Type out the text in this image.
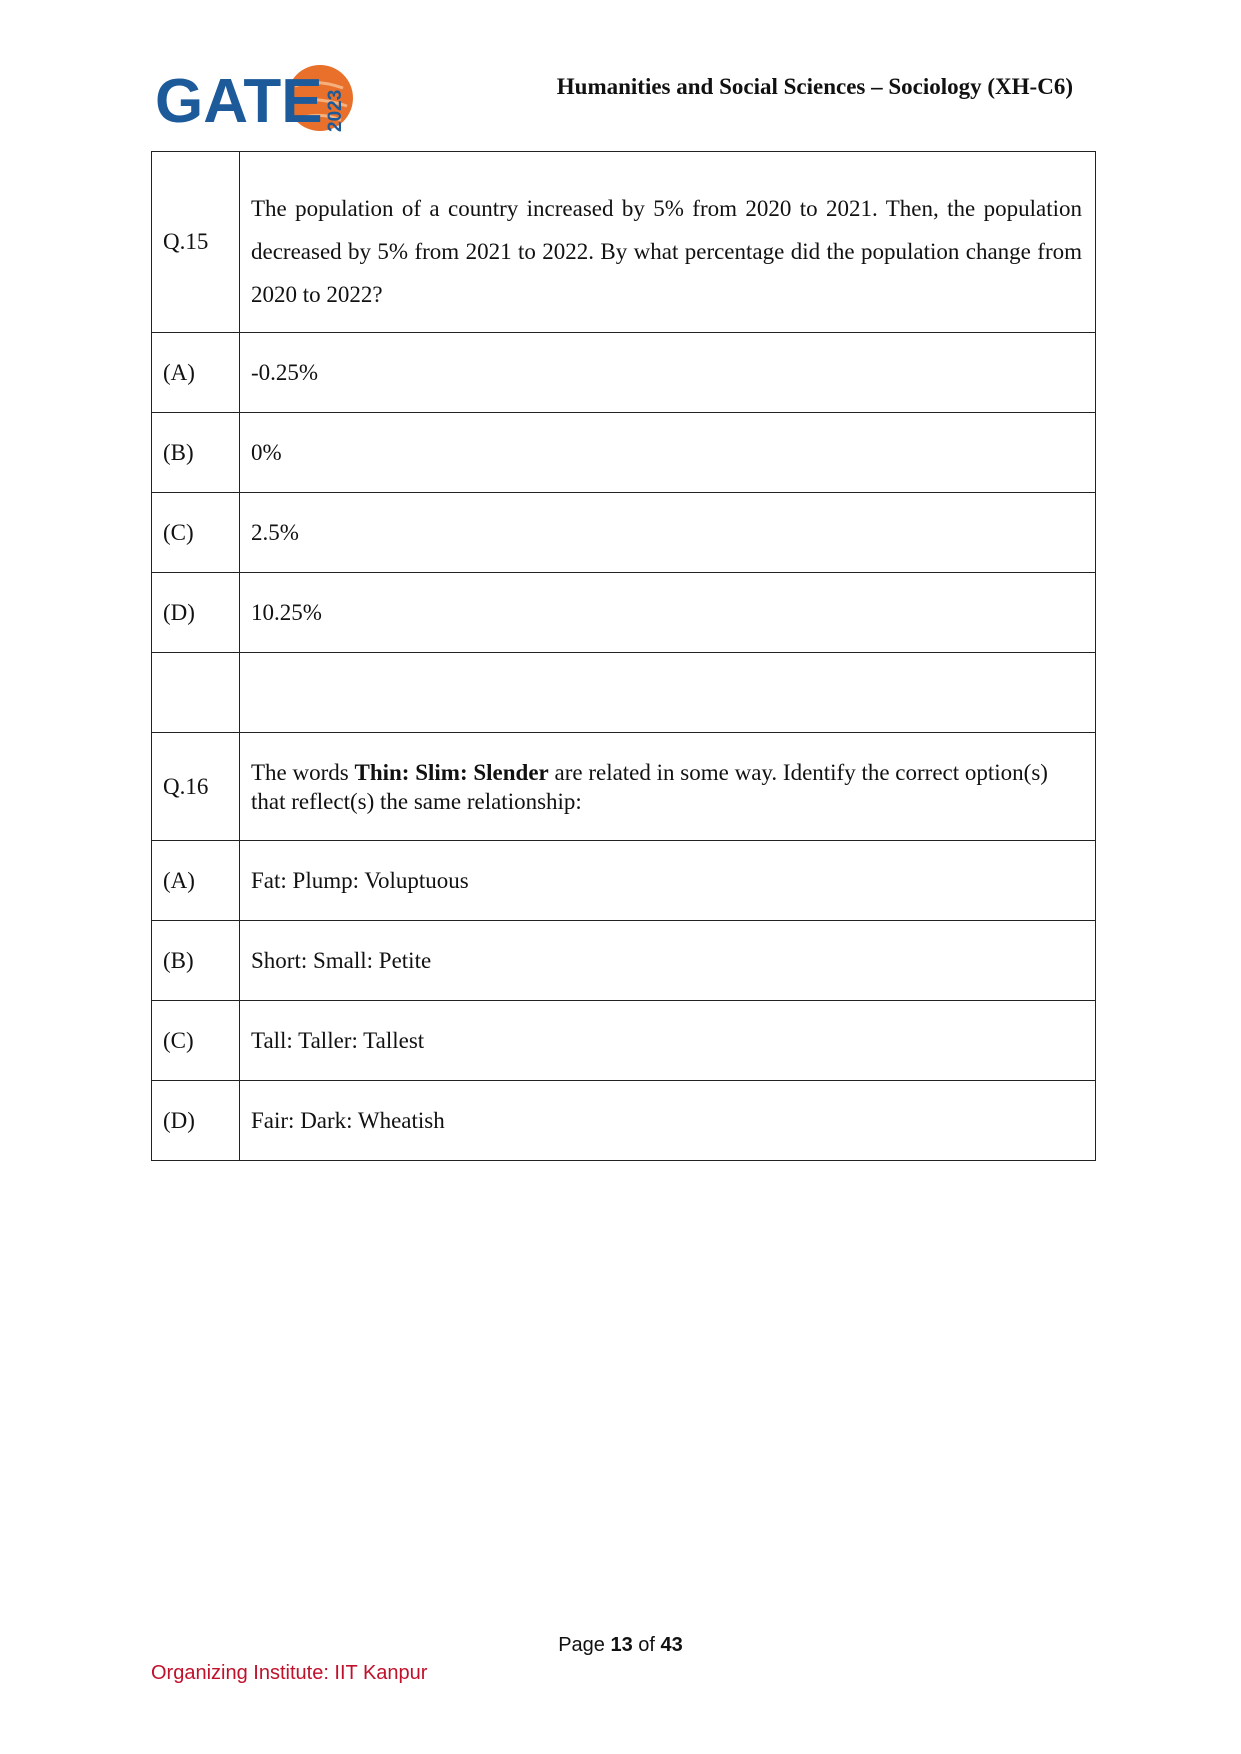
GATE 2023
Humanities and Social Sciences – Sociology (XH-C6)
Q.15	The population of a country increased by 5% from 2020 to 2021. Then, the population decreased by 5% from 2021 to 2022. By what percentage did the population change from 2020 to 2022?
(A)	-0.25%
(B)	0%
(C)	2.5%
(D)	10.25%

Q.16	The words Thin: Slim: Slender are related in some way. Identify the correct option(s) that reflect(s) the same relationship:
(A)	Fat: Plump: Voluptuous
(B)	Short: Small: Petite
(C)	Tall: Taller: Tallest
(D)	Fair: Dark: Wheatish
Page 13 of 43
Organizing Institute: IIT Kanpur
